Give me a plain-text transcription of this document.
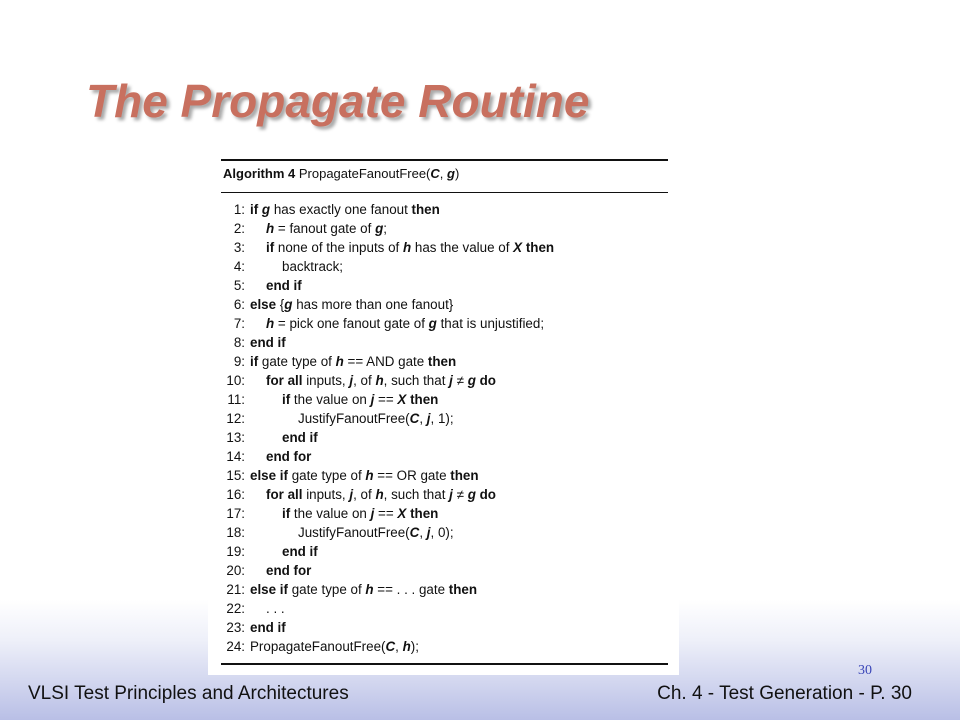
The Propagate Routine
Algorithm 4 PropagateFanoutFree(C, g)
1: if g has exactly one fanout then
2: h = fanout gate of g;
3: if none of the inputs of h has the value of X then
4:	backtrack;
5: end if
6: else {g has more than one fanout}
7: h = pick one fanout gate of g that is unjustified;
8: end if
9: if gate type of h == AND gate then
10: for all inputs, j, of h, such that j ≠ g do
11:	if the value on j == X then
12:	JustifyFanoutFree(C, j, 1);
13:	end if
14: end for
15: else if gate type of h == OR gate then
16: for all inputs, j, of h, such that j ≠ g do
17:	if the value on j == X then
18:	JustifyFanoutFree(C, j, 0);
19:	end if
20: end for
21: else if gate type of h == . . . gate then
22: . . .
23: end if
24: PropagateFanoutFree(C, h);
30
VLSI Test Principles and Architectures	Ch. 4 - Test Generation - P. 30
